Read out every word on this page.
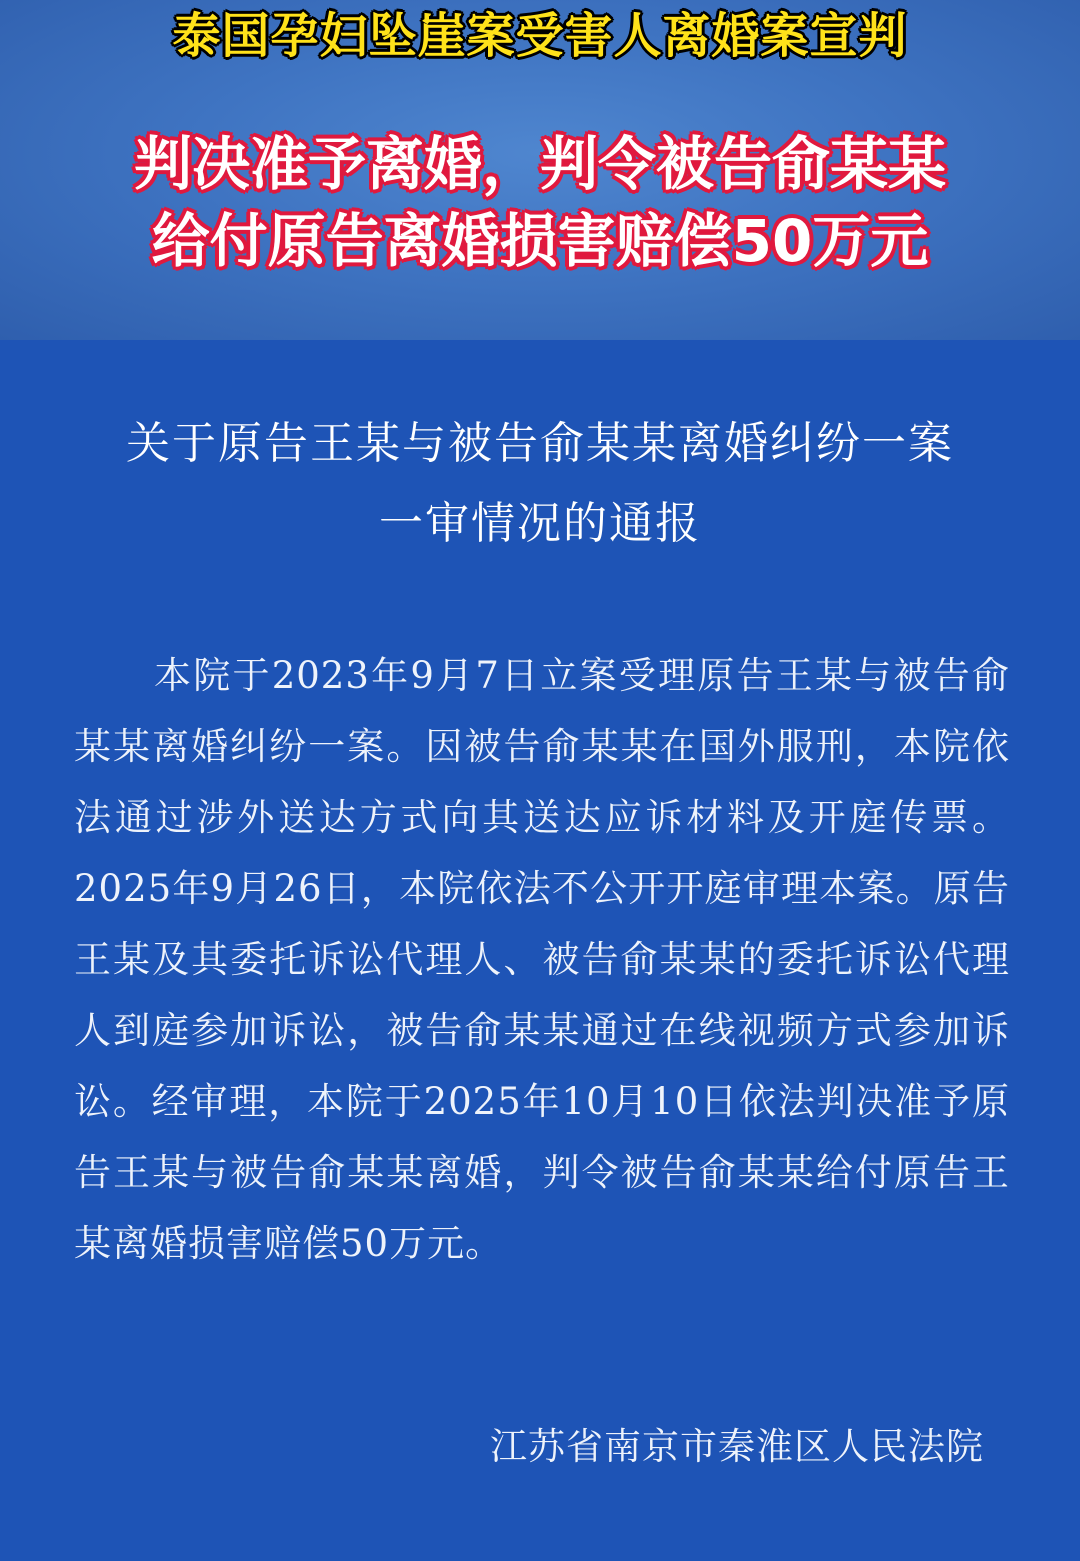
泰国孕妇坠崖案受害人离婚案宣判
判决准予离婚，判令被告俞某某
给付原告离婚损害赔偿50万元
关于原告王某与被告俞某某离婚纠纷一案
一审情况的通报
本院于2023年9月7日立案受理原告王某与被告俞某某离婚纠纷一案。因被告俞某某在国外服刑，本院依法通过涉外送达方式向其送达应诉材料及开庭传票。2025年9月26日，本院依法不公开开庭审理本案。原告王某及其委托诉讼代理人、被告俞某某的委托诉讼代理人到庭参加诉讼，被告俞某某通过在线视频方式参加诉讼。经审理，本院于2025年10月10日依法判决准予原告王某与被告俞某某离婚，判令被告俞某某给付原告王某离婚损害赔偿50万元。
江苏省南京市秦淮区人民法院
